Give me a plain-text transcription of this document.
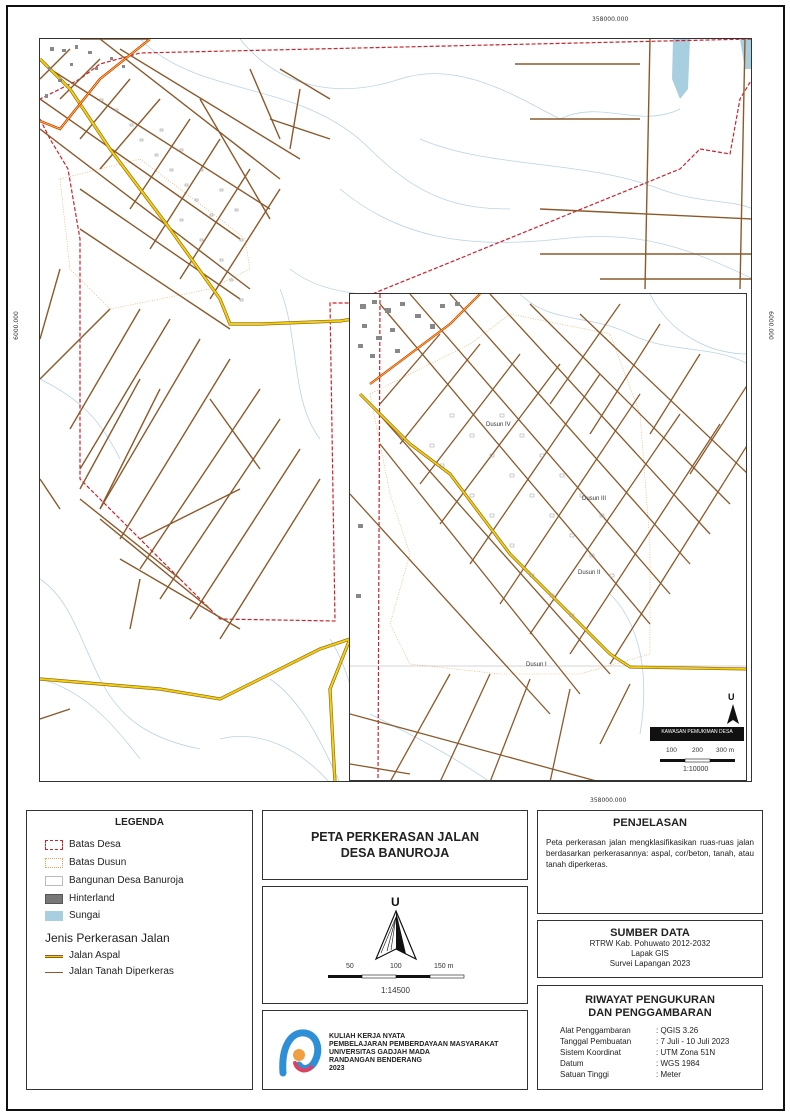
358000.000
358000.000
6000.000	6000.000
Dusun IV
Dusun III
Dusun II
Dusun I
U
KAWASAN PEMUKIMAN DESA
100 200 300 m
1:10000
LEGENDA
Batas Desa
Batas Dusun
Bangunan Desa Banuroja
Hinterland
Sungai
Jenis Perkerasan Jalan
Jalan Aspal
Jalan Tanah Diperkeras
PETA PERKERASAN JALAN
DESA BANUROJA
U
50	100	150 m
1:14500
KULIAH KERJA NYATA
PEMBELAJARAN PEMBERDAYAAN MASYARAKAT
UNIVERSITAS GADJAH MADA
RANDANGAN BENDERANG
2023
PENJELASAN

Peta perkerasan jalan mengklasifikasikan ruas-ruas jalan berdasarkan perkerasannya: aspal, cor/beton, tanah, atau tanah diperkeras.

SUMBER DATA
RTRW Kab. Pohuwato 2012-2032
Lapak GIS
Survei Lapangan 2023
RIWAYAT PENGUKURAN
DAN PENGGAMBARAN
Alat Penggambaran	: QGIS 3.26
Tanggal Pembuatan	: 7 Juli - 10 Juli 2023
Sistem Koordinat	: UTM Zona 51N
Datum	: WGS 1984
Satuan Tinggi	: Meter
